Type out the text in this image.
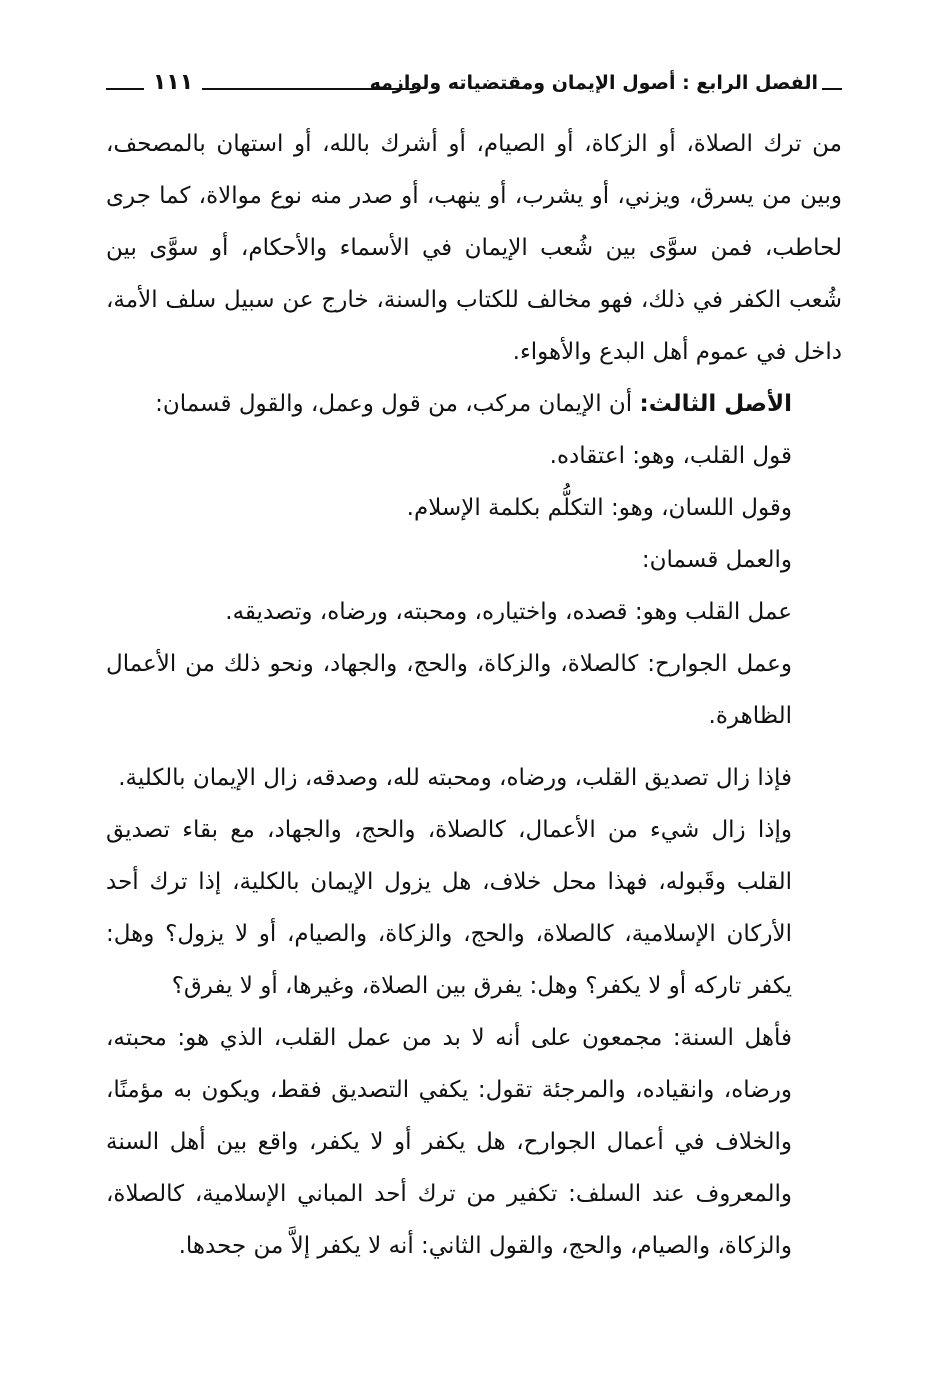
١١١	الفصل الرابع : أصول الإيمان ومقتضياته ولوازمه

من ترك الصلاة، أو الزكاة، أو الصيام، أو أشرك بالله، أو استهان بالمصحف، وبين من يسرق، ويزني، أو يشرب، أو ينهب، أو صدر منه نوع موالاة، كما جرى لحاطب، فمن سوَّى بين شُعب الإيمان في الأسماء والأحكام، أو سوَّى بين شُعب الكفر في ذلك، فهو مخالف للكتاب والسنة، خارج عن سبيل سلف الأمة، داخل في عموم أهل البدع والأهواء.

الأصل الثالث: أن الإيمان مركب، من قول وعمل، والقول قسمان:

قول القلب، وهو: اعتقاده.

وقول اللسان، وهو: التكلُّم بكلمة الإسلام.

والعمل قسمان:

عمل القلب وهو: قصده، واختياره، ومحبته، ورضاه، وتصديقه.

وعمل الجوارح: كالصلاة، والزكاة، والحج، والجهاد، ونحو ذلك من الأعمال الظاهرة.

فإذا زال تصديق القلب، ورضاه، ومحبته لله، وصدقه، زال الإيمان بالكلية.

وإذا زال شيء من الأعمال، كالصلاة، والحج، والجهاد، مع بقاء تصديق القلب وقَبوله، فهذا محل خلاف، هل يزول الإيمان بالكلية، إذا ترك أحد الأركان الإسلامية، كالصلاة، والحج، والزكاة، والصيام، أو لا يزول؟ وهل: يكفر تاركه أو لا يكفر؟ وهل: يفرق بين الصلاة، وغيرها، أو لا يفرق؟

فأهل السنة: مجمعون على أنه لا بد من عمل القلب، الذي هو: محبته، ورضاه، وانقياده، والمرجئة تقول: يكفي التصديق فقط، ويكون به مؤمنًا، والخلاف في أعمال الجوارح، هل يكفر أو لا يكفر، واقع بين أهل السنة والمعروف عند السلف: تكفير من ترك أحد المباني الإسلامية، كالصلاة، والزكاة، والصيام، والحج، والقول الثاني: أنه لا يكفر إلاَّ من جحدها.
